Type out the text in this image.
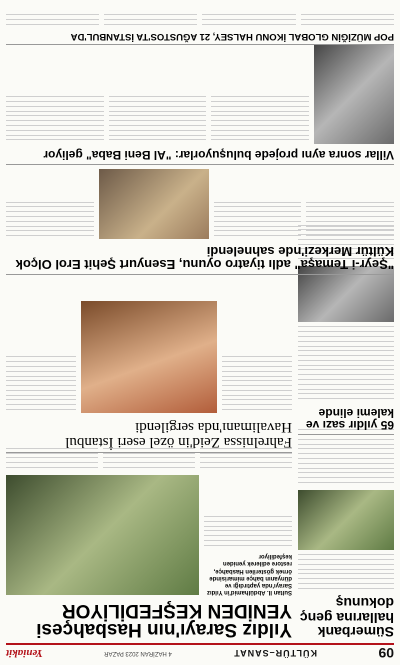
09
KÜLTÜR–SANAT
4 HAZİRAN 2023 PAZAR
Yeniakit
Sümerbank hallarına genç dokunuş
65 yıldır sazı ve kalemi elinde
Yıldız Sarayı'nın Hasbahçesi YENİDEN KEŞFEDİLİYOR
Sultan II. Abdülhamid'in Yıldız Sarayı'nda yaptırdığı ve dünyanın bahçe mimarisinde örnek gösterilen Hasbahçe, restore edilerek yeniden keşfediliyor
Fahrelnissa Zeid'in özel eseri İstanbul Havalimanı'nda sergilendi
"Şeyr-i Temaşa" adlı tiyatro oyunu, Esenyurt Şehit Erol Olçok Kültür Merkezi'nde sahnelendi
Villar sonra aynı projede buluşuyorlar: "Al Beni Baba" geliyor
POP MÜZİĞİN GLOBAL İKONU HALSEY, 21 AĞUSTOS'TA İSTANBUL'DA
